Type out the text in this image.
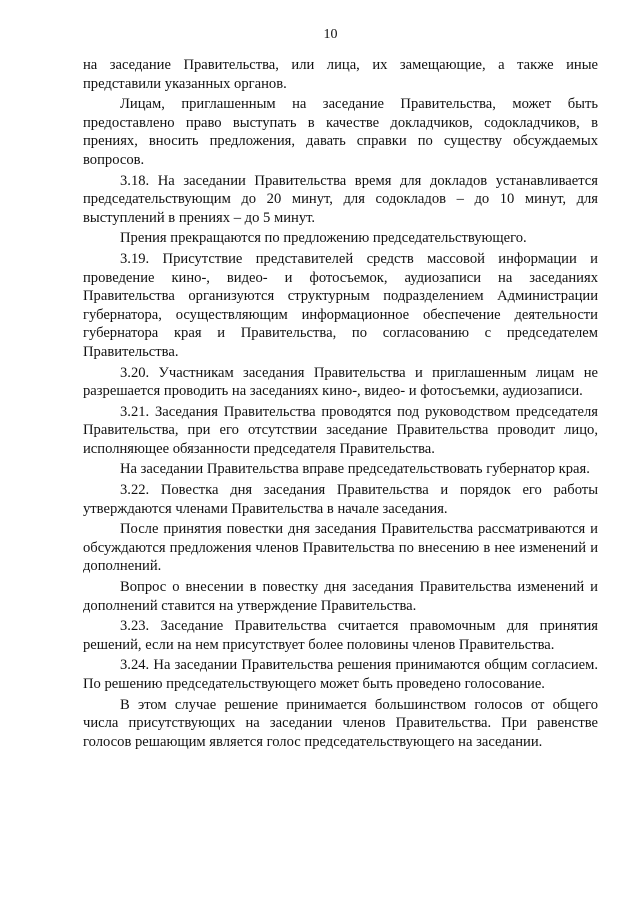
10

на заседание Правительства, или лица, их замещающие, а также иные представили указанных органов.

Лицам, приглашенным на заседание Правительства, может быть предоставлено право выступать в качестве докладчиков, содокладчиков, в прениях, вносить предложения, давать справки по существу обсуждаемых вопросов.

3.18. На заседании Правительства время для докладов устанавливается председательствующим до 20 минут, для содокладов – до 10 минут, для выступлений в прениях – до 5 минут.

Прения прекращаются по предложению председательствующего.

3.19. Присутствие представителей средств массовой информации и проведение кино-, видео- и фотосъемок, аудиозаписи на заседаниях Правительства организуются структурным подразделением Администрации губернатора, осуществляющим информационное обеспечение деятельности губернатора края и Правительства, по согласованию с председателем Правительства.

3.20. Участникам заседания Правительства и приглашенным лицам не разрешается проводить на заседаниях кино-, видео- и фотосъемки, аудиозаписи.

3.21. Заседания Правительства проводятся под руководством председателя Правительства, при его отсутствии заседание Правительства проводит лицо, исполняющее обязанности председателя Правительства.

На заседании Правительства вправе председательствовать губернатор края.

3.22. Повестка дня заседания Правительства и порядок его работы утверждаются членами Правительства в начале заседания.

После принятия повестки дня заседания Правительства рассматриваются и обсуждаются предложения членов Правительства по внесению в нее изменений и дополнений.

Вопрос о внесении в повестку дня заседания Правительства изменений и дополнений ставится на утверждение Правительства.

3.23. Заседание Правительства считается правомочным для принятия решений, если на нем присутствует более половины членов Правительства.

3.24. На заседании Правительства решения принимаются общим согласием. По решению председательствующего может быть проведено голосование.

В этом случае решение принимается большинством голосов от общего числа присутствующих на заседании членов Правительства. При равенстве голосов решающим является голос председательствующего на заседании.
